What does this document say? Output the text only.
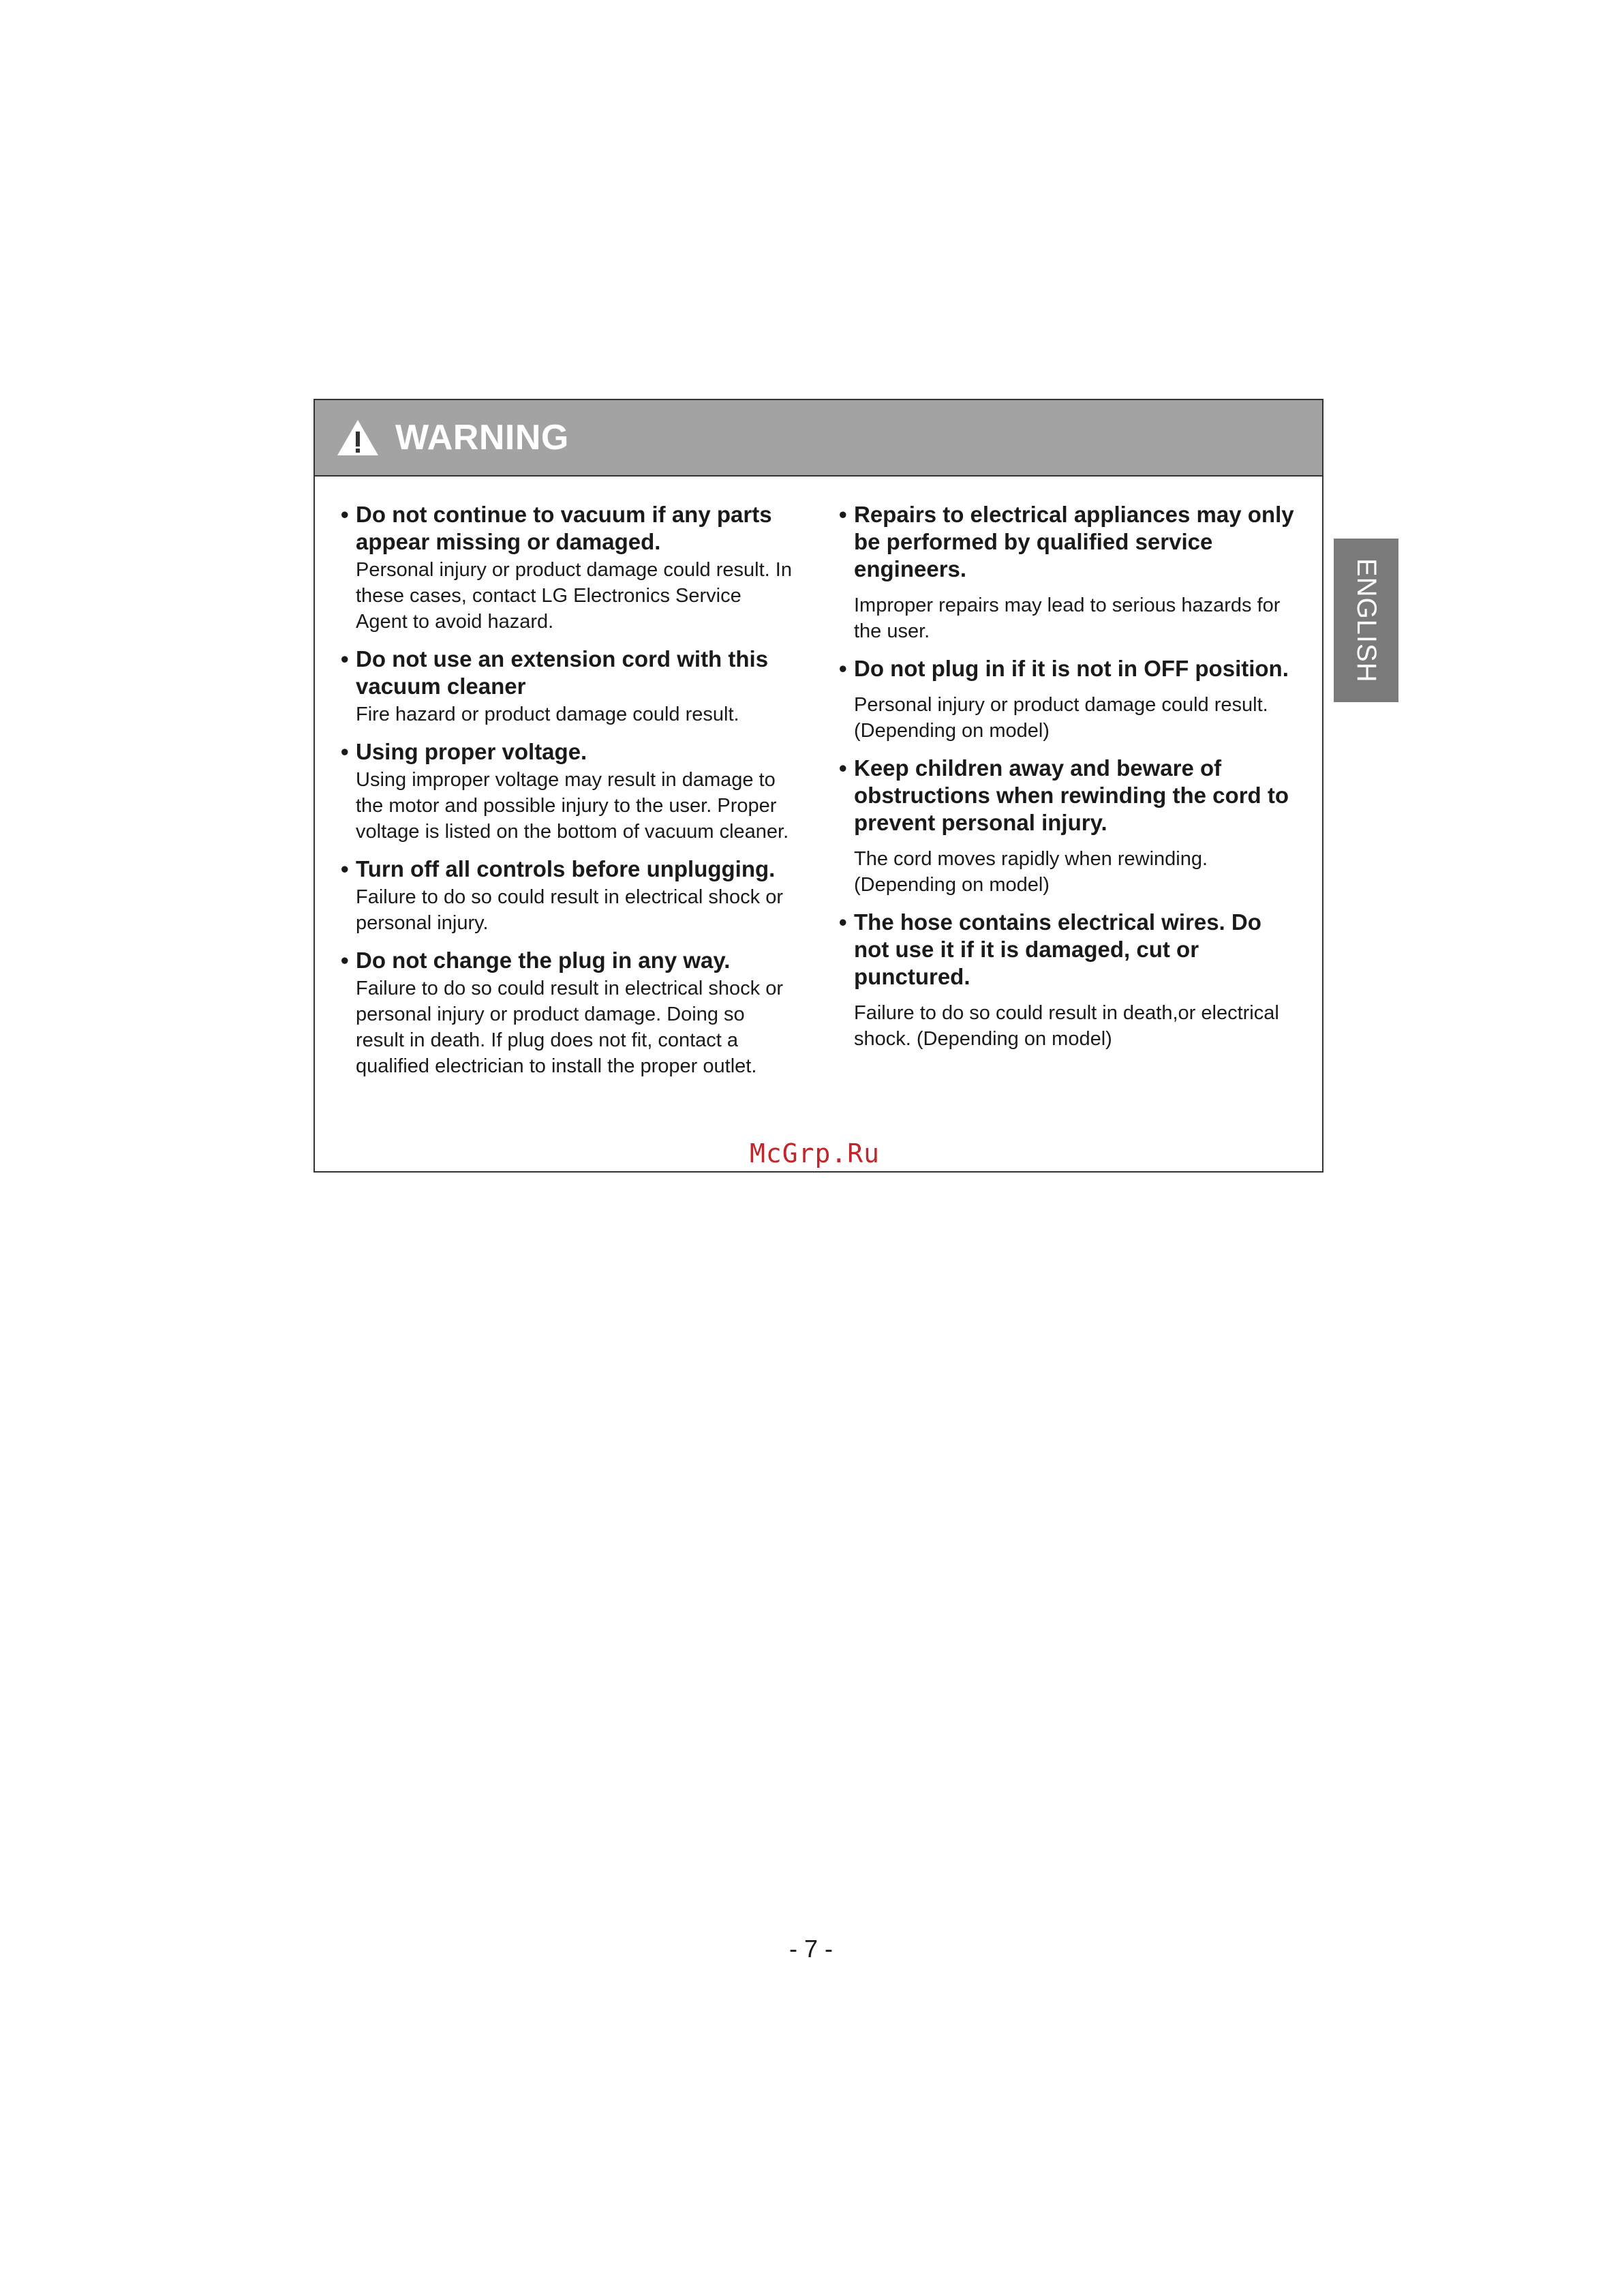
WARNING
• Do not continue to vacuum if any parts appear missing or damaged.
Personal injury or product damage could result. In these cases, contact LG Electronics Service Agent to avoid hazard.
• Do not use an extension cord with this vacuum cleaner
Fire hazard or product damage could result.
• Using proper voltage.
Using improper voltage may result in damage to the motor and possible injury to the user. Proper voltage is listed on the bottom of vacuum cleaner.
• Turn off all controls before unplugging.
Failure to do so could result in electrical shock or personal injury.
• Do not change the plug in any way.
Failure to do so could result in electrical shock or personal injury or product damage. Doing so result in death. If plug does not fit, contact a qualified electrician to install the proper outlet.
• Repairs to electrical appliances may only be performed by qualified service engineers.
Improper repairs may lead to serious hazards for the user.
• Do not plug in if it is not in OFF position.
Personal injury or product damage could result. (Depending on model)
• Keep children away and beware of obstructions when rewinding the cord to prevent personal injury.
The cord moves rapidly when rewinding. (Depending on model)
• The hose contains electrical wires. Do not use it if it is damaged, cut or punctured.
Failure to do so could result in death,or electrical shock. (Depending on model)
McGrp.Ru
ENGLISH
- 7 -
